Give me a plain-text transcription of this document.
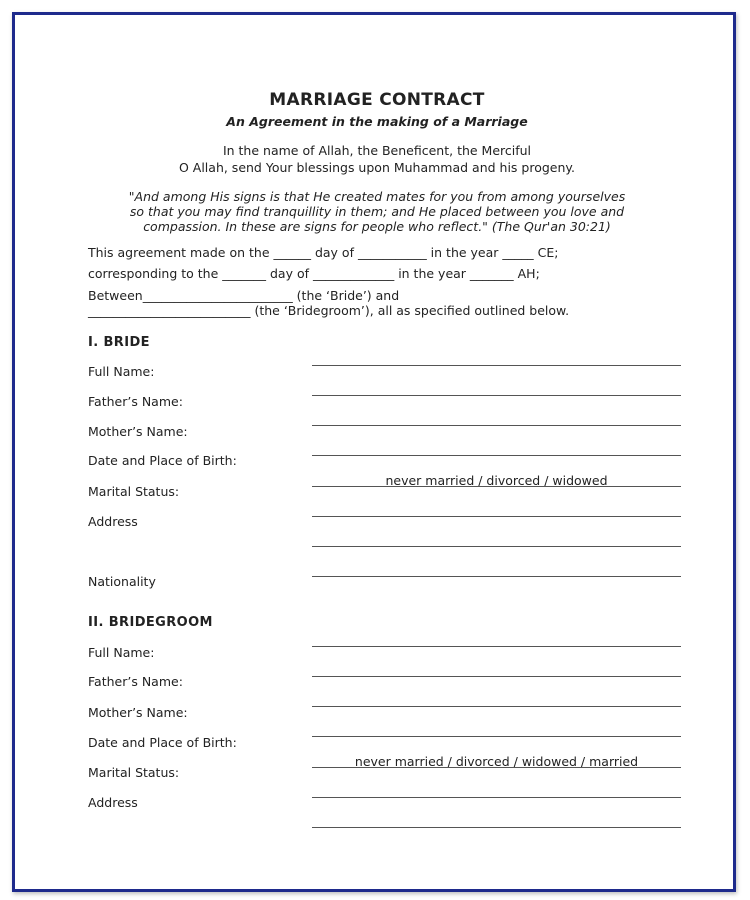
MARRIAGE CONTRACT
An Agreement in the making of a Marriage
In the name of Allah, the Beneficent, the Merciful
O Allah, send Your blessings upon Muhammad and his progeny.
"And among His signs is that He created mates for you from among yourselves
so that you may find tranquillity in them; and He placed between you love and
compassion. In these are signs for people who reflect." (The Qur'an 30:21)
This agreement made on the ______ day of ___________ in the year _____ CE;
corresponding to the _______ day of _____________ in the year _______ AH;
Between________________________ (the ‘Bride’) and
__________________________ (the ‘Bridegroom’), all as specified outlined below.
I. BRIDE
Full Name:
Father’s Name:
Mother’s Name:
Date and Place of Birth:
Marital Status:
never married / divorced / widowed
Address
Nationality
II. BRIDEGROOM
Full Name:
Father’s Name:
Mother’s Name:
Date and Place of Birth:
Marital Status:
never married / divorced / widowed / married
Address
